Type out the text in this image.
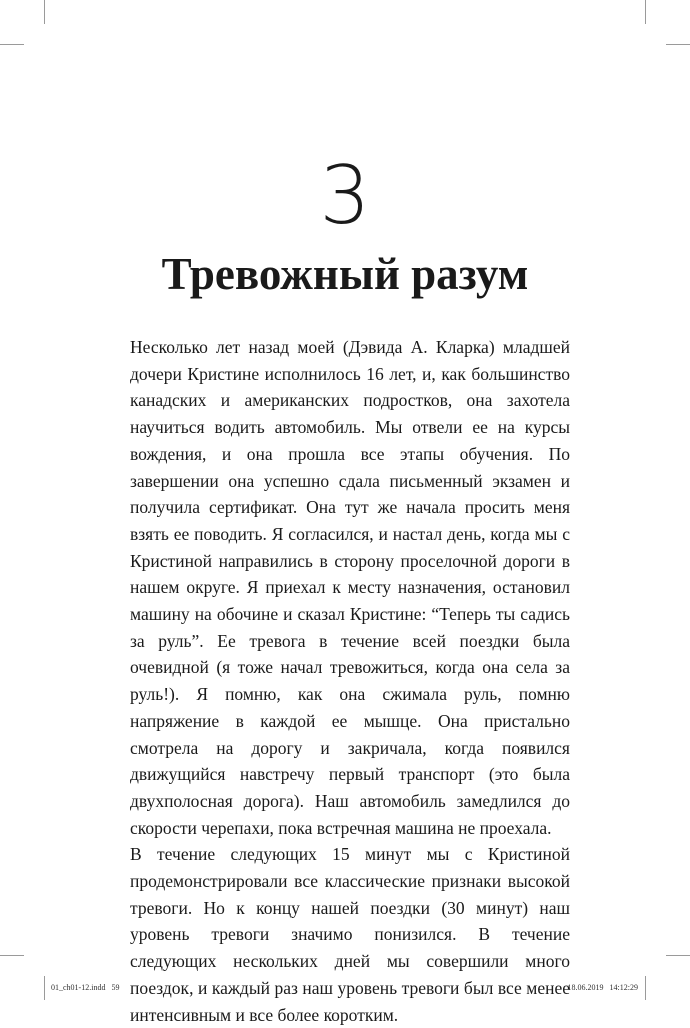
3
Тревожный разум

Несколько лет назад моей (Дэвида А. Кларка) младшей дочери Кристине исполнилось 16 лет, и, как большинство канадских и американских подростков, она захотела научиться водить автомобиль. Мы отвели ее на курсы вождения, и она прошла все этапы обучения. По завершении она успешно сдала письменный экзамен и получила сертификат. Она тут же начала просить меня взять ее поводить. Я согласился, и настал день, когда мы с Кристиной направились в сторону проселочной дороги в нашем округе. Я приехал к месту назначения, остановил машину на обочине и сказал Кристине: “Теперь ты садись за руль”. Ее тревога в течение всей поездки была очевидной (я тоже начал тревожиться, когда она села за руль!). Я помню, как она сжимала руль, помню напряжение в каждой ее мышце. Она пристально смотрела на дорогу и закричала, когда появился движущийся навстречу первый транспорт (это была двухполосная дорога). Наш автомобиль замедлился до скорости черепахи, пока встречная машина не проехала.

В течение следующих 15 минут мы с Кристиной продемонстрировали все классические признаки высокой тревоги. Но к концу нашей поездки (30 минут) наш уровень тревоги значимо понизился. В течение следующих нескольких дней мы совершили много поездок, и каждый раз наш уровень тревоги был все менее интенсивным и все более коротким.

01_ch01-12.indd   59	18.06.2019   14:12:29
